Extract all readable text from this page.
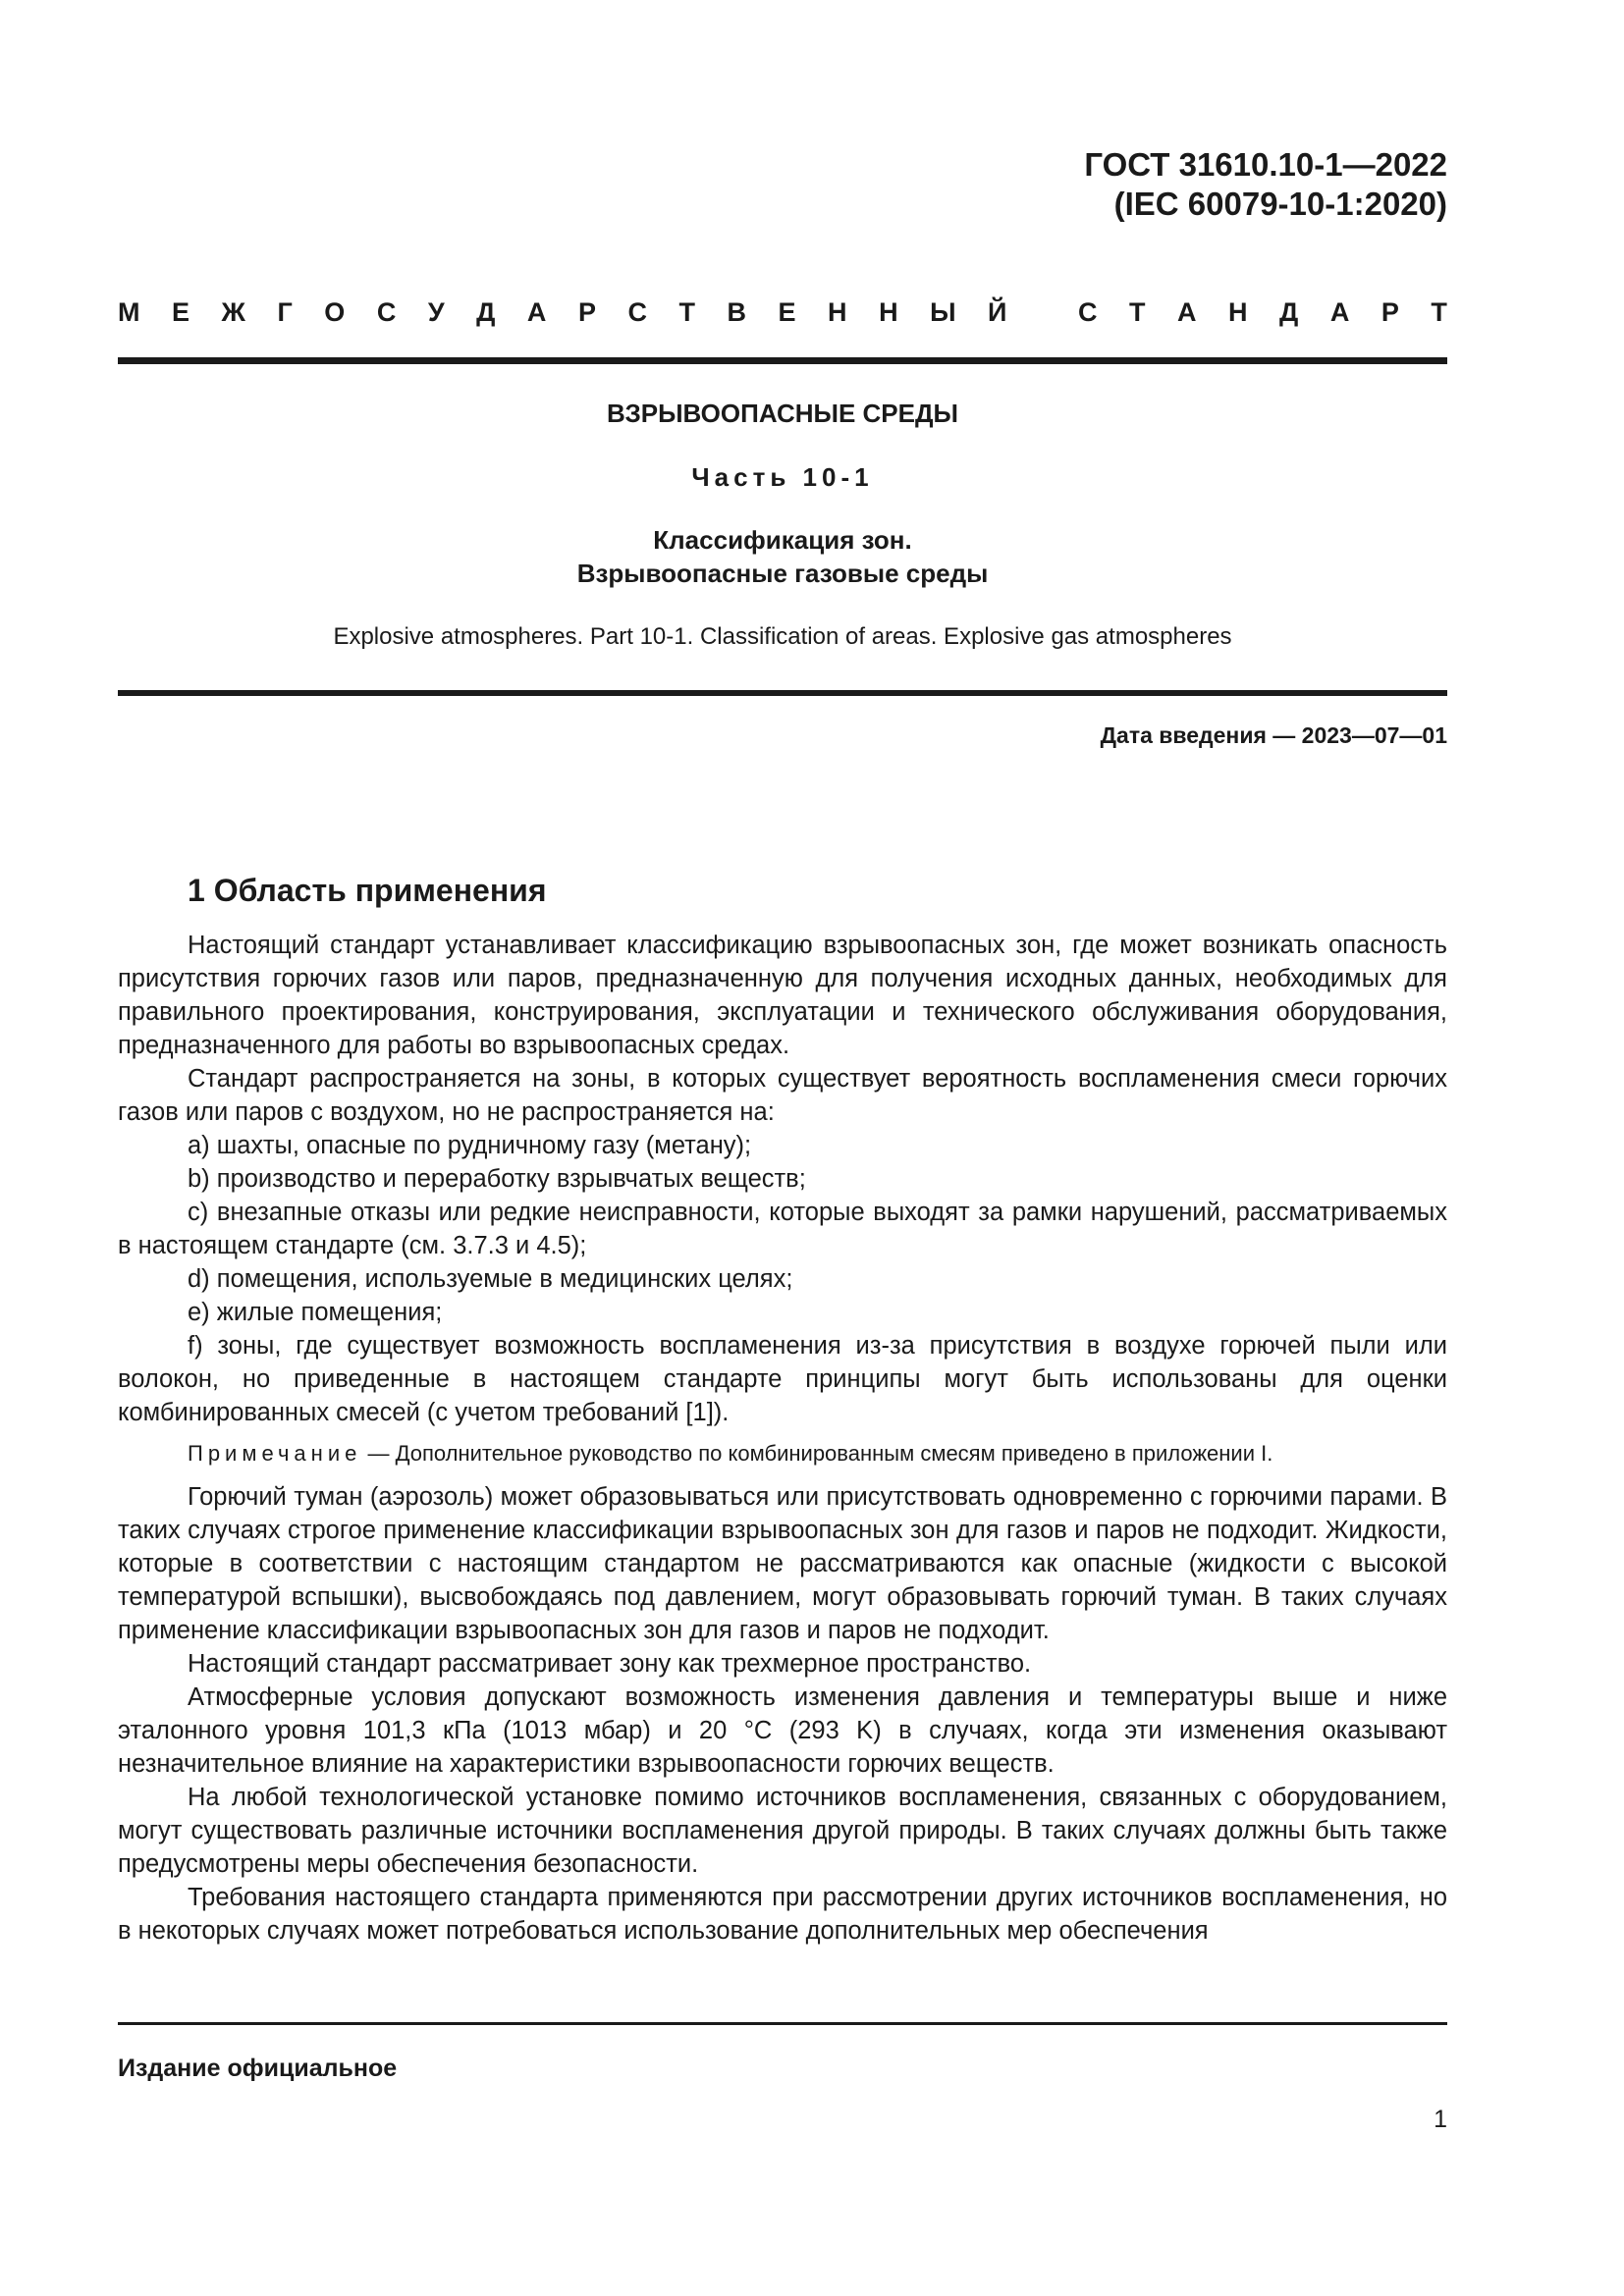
ГОСТ 31610.10-1—2022
(IEC 60079-10-1:2020)
М Е Ж Г О С У Д А Р С Т В Е Н Н Ы Й
	С Т А Н Д А Р Т
ВЗРЫВООПАСНЫЕ СРЕДЫ
Часть 10-1
Классификация зон.
Взрывоопасные газовые среды
Explosive atmospheres. Part 10-1. Classification of areas. Explosive gas atmospheres
Дата введения — 2023—07—01
1 Область применения

Настоящий стандарт устанавливает классификацию взрывоопасных зон, где может возникать опасность присутствия горючих газов или паров, предназначенную для получения исходных данных, необходимых для правильного проектирования, конструирования, эксплуатации и технического обслуживания оборудования, предназначенного для работы во взрывоопасных средах.

Стандарт распространяется на зоны, в которых существует вероятность воспламенения смеси горючих газов или паров с воздухом, но не распространяется на:

a) шахты, опасные по рудничному газу (метану);

b) производство и переработку взрывчатых веществ;

c) внезапные отказы или редкие неисправности, которые выходят за рамки нарушений, рассматриваемых в настоящем стандарте (см. 3.7.3 и 4.5);

d) помещения, используемые в медицинских целях;

e) жилые помещения;

f) зоны, где существует возможность воспламенения из-за присутствия в воздухе горючей пыли или волокон, но приведенные в настоящем стандарте принципы могут быть использованы для оценки комбинированных смесей (с учетом требований [1]).

Примечание — Дополнительное руководство по комбинированным смесям приведено в приложении I.

Горючий туман (аэрозоль) может образовываться или присутствовать одновременно с горючими парами. В таких случаях строгое применение классификации взрывоопасных зон для газов и паров не подходит. Жидкости, которые в соответствии с настоящим стандартом не рассматриваются как опасные (жидкости с высокой температурой вспышки), высвобождаясь под давлением, могут образовывать горючий туман. В таких случаях применение классификации взрывоопасных зон для газов и паров не подходит.

Настоящий стандарт рассматривает зону как трехмерное пространство.

Атмосферные условия допускают возможность изменения давления и температуры выше и ниже эталонного уровня 101,3 кПа (1013 мбар) и 20 °C (293 K) в случаях, когда эти изменения оказывают незначительное влияние на характеристики взрывоопасности горючих веществ.

На любой технологической установке помимо источников воспламенения, связанных с оборудованием, могут существовать различные источники воспламенения другой природы. В таких случаях должны быть также предусмотрены меры обеспечения безопасности.

Требования настоящего стандарта применяются при рассмотрении других источников воспламенения, но в некоторых случаях может потребоваться использование дополнительных мер обеспечения

Издание официальное
1
